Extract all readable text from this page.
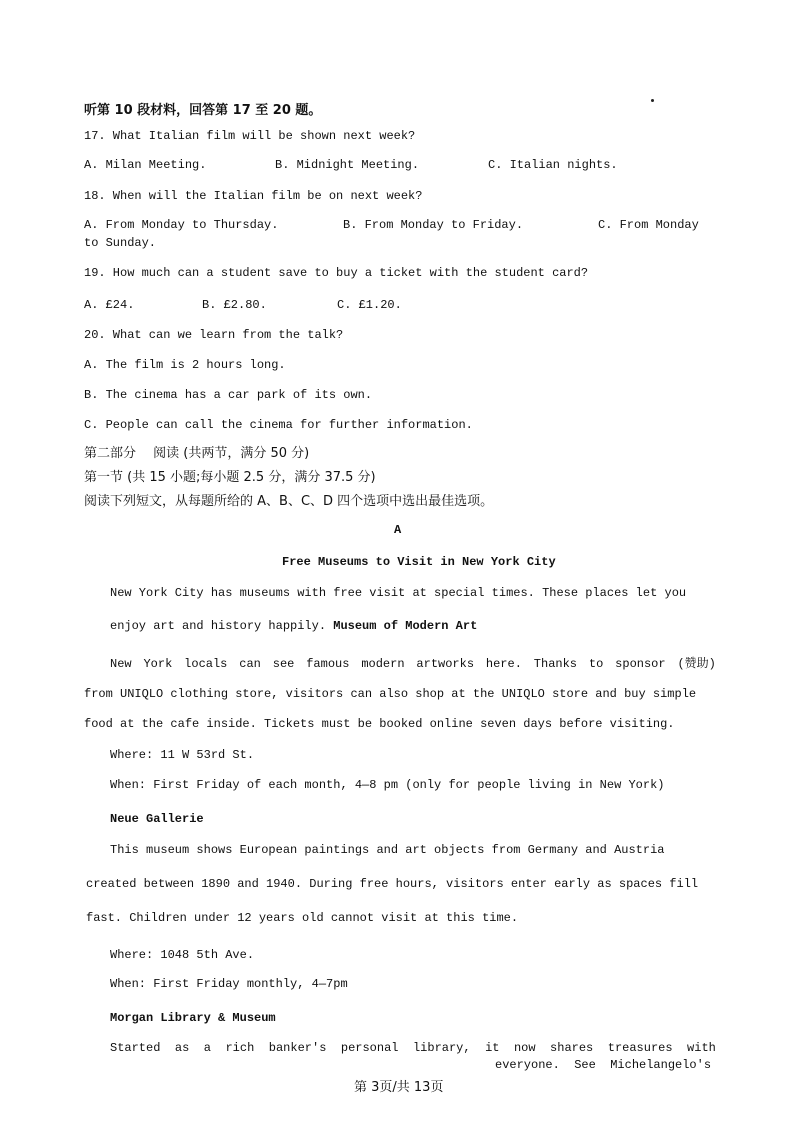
听第 10 段材料，回答第 17 至 20 题。
17. What Italian film will be shown next week?
A. Milan Meeting.	B. Midnight Meeting.	C. Italian nights.
18. When will the Italian film be on next week?
A. From Monday to Thursday.	B. From Monday to Friday.	C. From Monday
to Sunday.
19. How much can a student save to buy a ticket with the student card?
A. £24.	B. £2.80.	C. £1.20.
20. What can we learn from the talk?
A. The film is 2 hours long.
B. The cinema has a car park of its own.
C. People can call the cinema for further information.
第二部分　 阅读 (共两节，满分 50 分)
第一节 (共 15 小题;每小题 2.5 分，满分 37.5 分)
阅读下列短文，从每题所给的 A、B、C、D 四个选项中选出最佳选项。
A
Free Museums to Visit in New York City
New York City has museums with free visit at special times. These places let you
enjoy art and history happily. Museum of Modern Art
New York locals can see famous modern artworks here. Thanks to sponsor (赞助)
from UNIQLO clothing store, visitors can also shop at the UNIQLO store and buy simple
food at the cafe inside. Tickets must be booked online seven days before visiting.
Where: 11 W 53rd St.
When: First Friday of each month, 4—8 pm (only for people living in New York)
Neue Gallerie
This museum shows European paintings and art objects from Germany and Austria
created between 1890 and 1940. During free hours, visitors enter early as spaces fill
fast. Children under 12 years old cannot visit at this time.
Where: 1048 5th Ave.
When: First Friday monthly, 4—7pm
Morgan Library & Museum
Started as a rich banker's personal library, it now shares treasures with
everyone.  See  Michelangelo's
第 3页/共 13页
